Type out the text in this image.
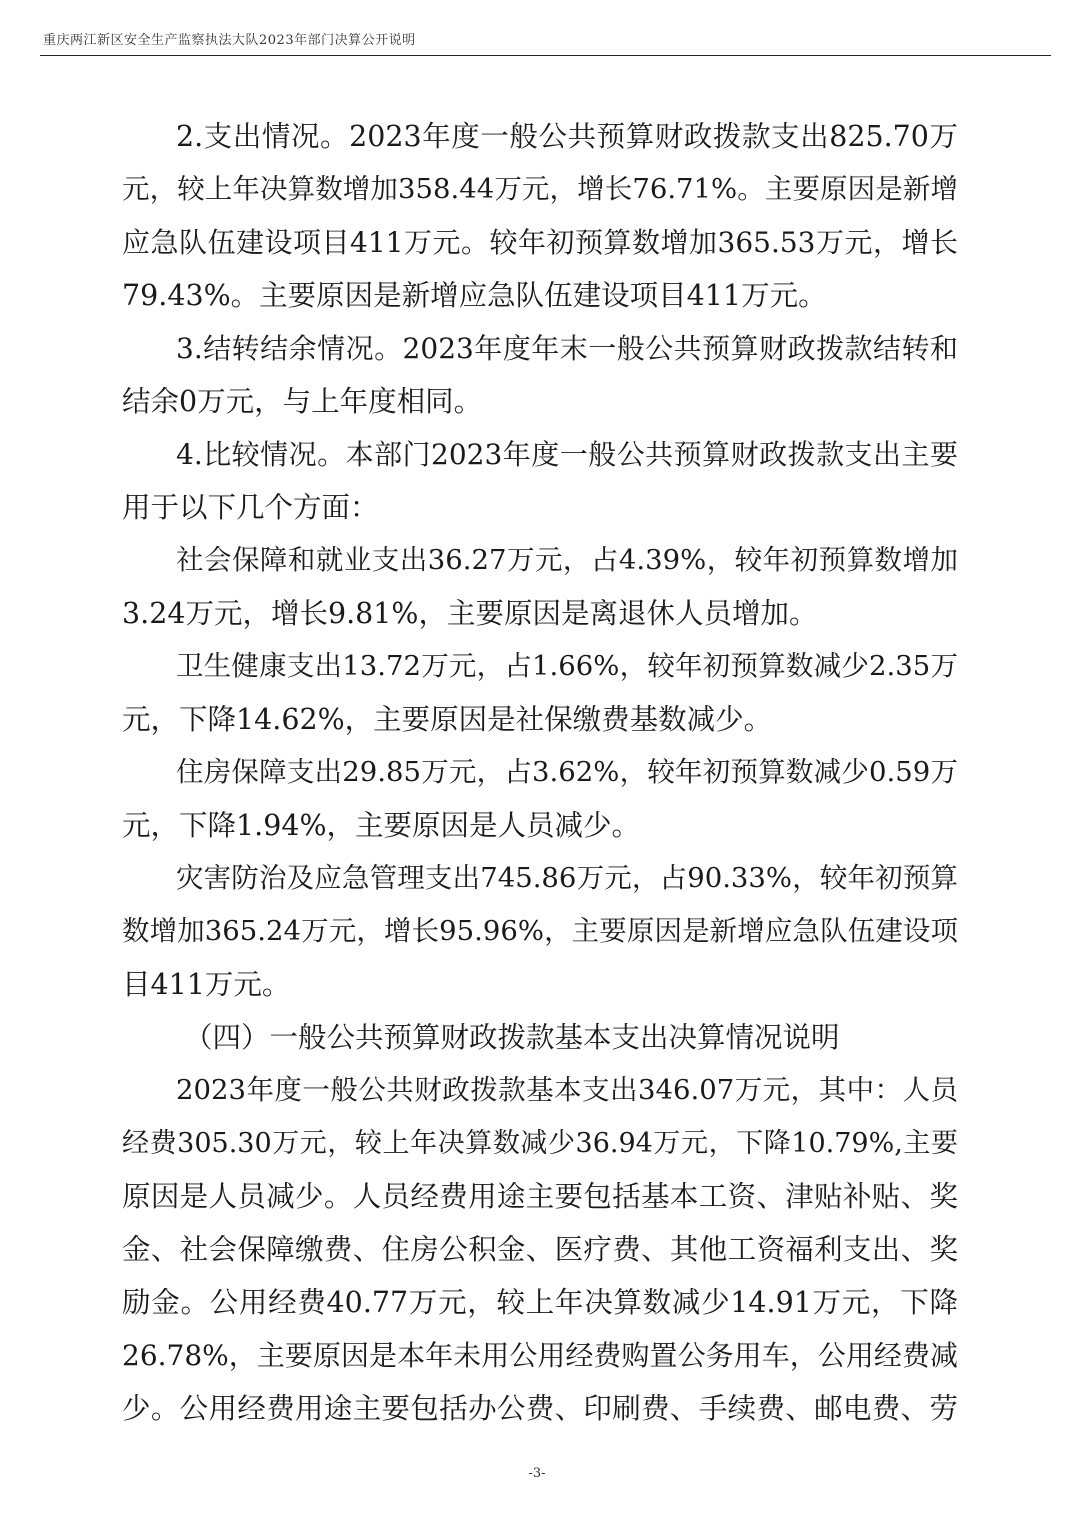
重庆两江新区安全生产监察执法大队2023年部门决算公开说明
2.支出情况。2023年度一般公共预算财政拨款支出825.70万
元，较上年决算数增加358.44万元，增长76.71%。主要原因是新增
应急队伍建设项目411万元。较年初预算数增加365.53万元，增长
79.43%。主要原因是新增应急队伍建设项目411万元。
3.结转结余情况。2023年度年末一般公共预算财政拨款结转和
结余0万元，与上年度相同。
4.比较情况。本部门2023年度一般公共预算财政拨款支出主要
用于以下几个方面：
社会保障和就业支出36.27万元，占4.39%，较年初预算数增加
3.24万元，增长9.81%，主要原因是离退休人员增加。
卫生健康支出13.72万元，占1.66%，较年初预算数减少2.35万
元，下降14.62%，主要原因是社保缴费基数减少。
住房保障支出29.85万元，占3.62%，较年初预算数减少0.59万
元，下降1.94%，主要原因是人员减少。
灾害防治及应急管理支出745.86万元，占90.33%，较年初预算
数增加365.24万元，增长95.96%，主要原因是新增应急队伍建设项
目411万元。
（四）一般公共预算财政拨款基本支出决算情况说明
2023年度一般公共财政拨款基本支出346.07万元，其中：人员
经费305.30万元，较上年决算数减少36.94万元，下降10.79%,主要
原因是人员减少。人员经费用途主要包括基本工资、津贴补贴、奖
金、社会保障缴费、住房公积金、医疗费、其他工资福利支出、奖
励金。公用经费40.77万元，较上年决算数减少14.91万元，下降
26.78%，主要原因是本年未用公用经费购置公务用车，公用经费减
少。公用经费用途主要包括办公费、印刷费、手续费、邮电费、劳
-3-
